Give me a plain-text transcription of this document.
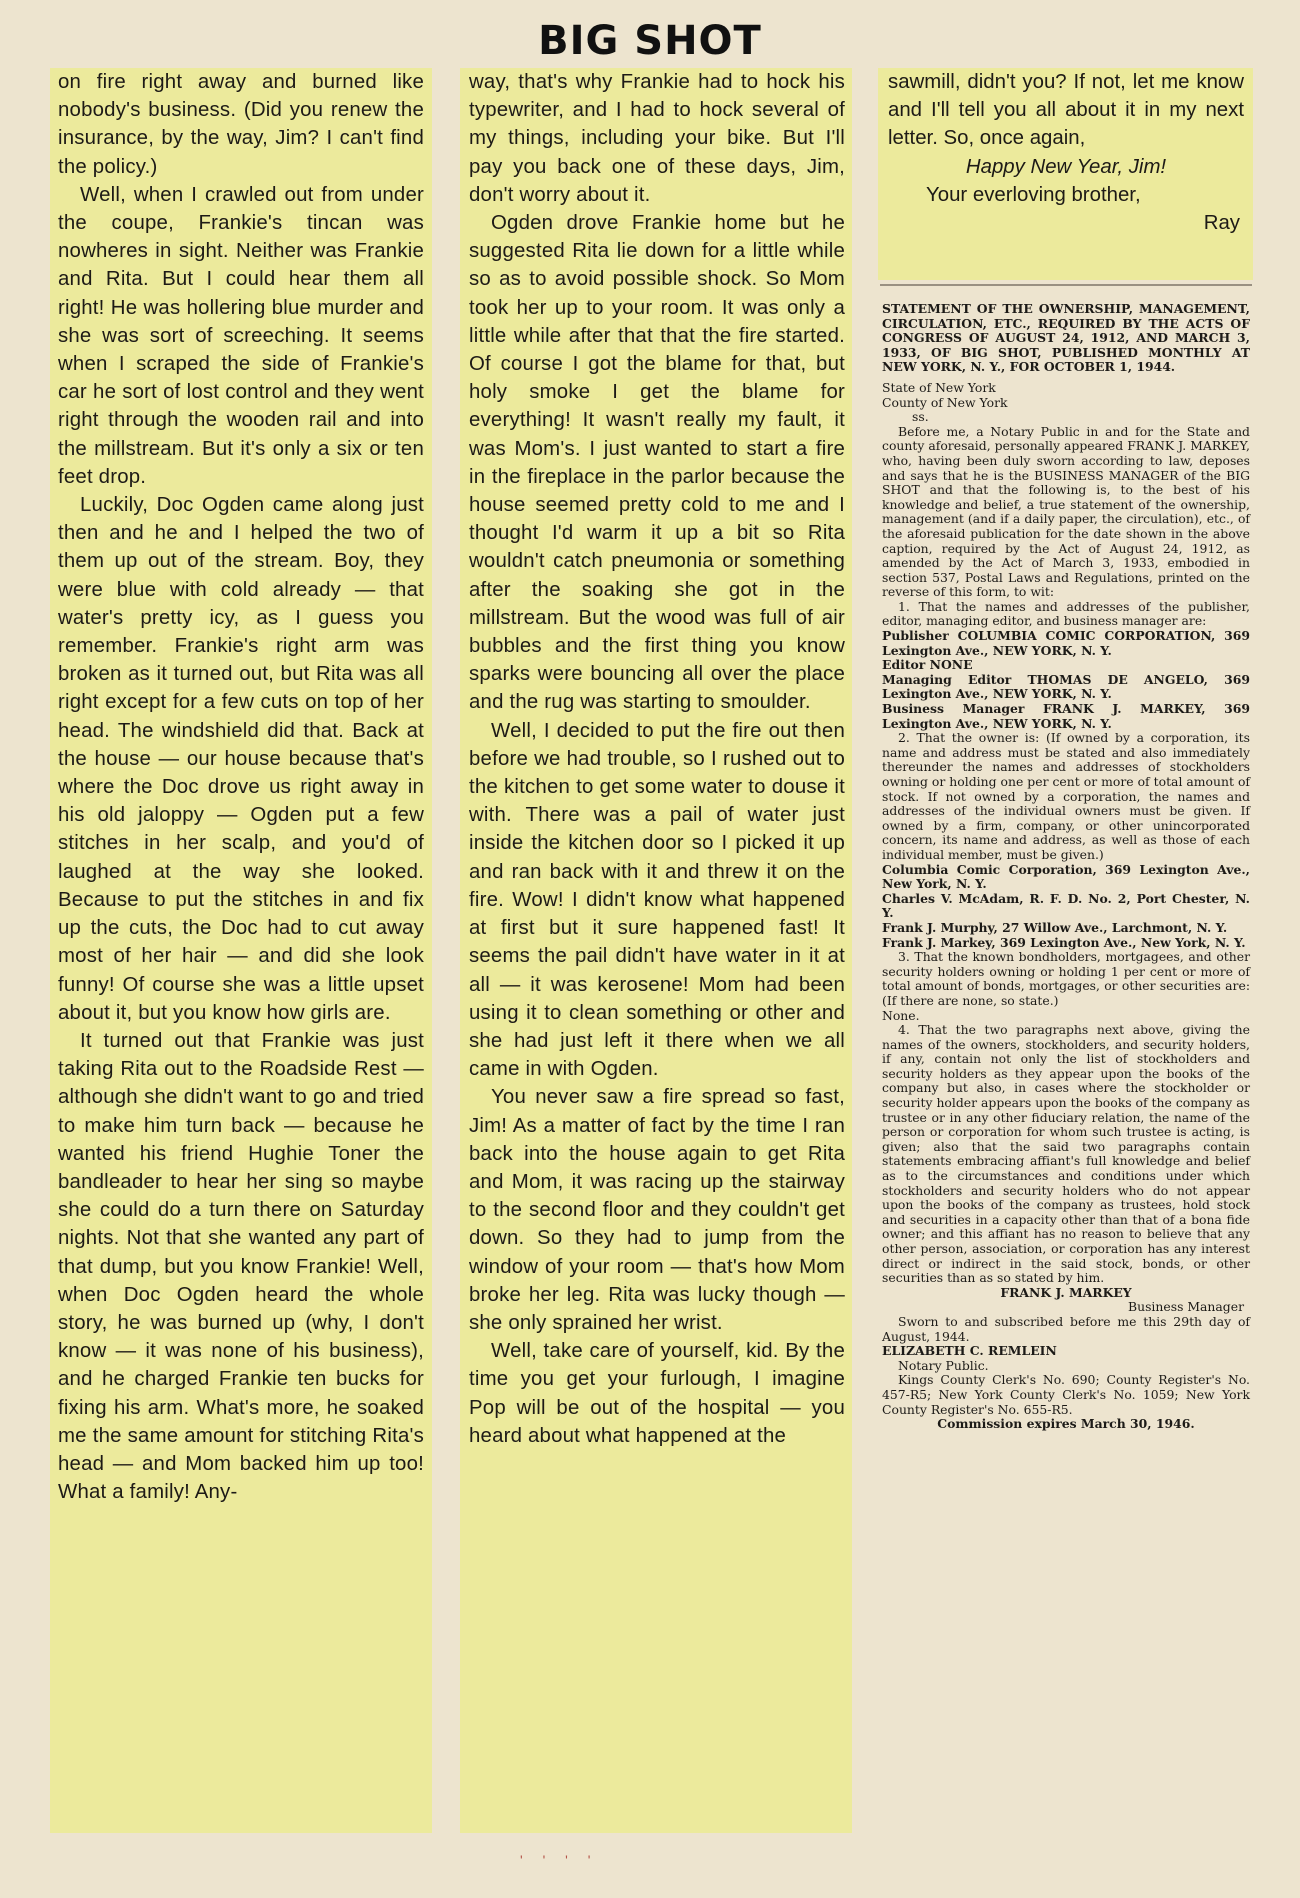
BIG SHOT

on fire right away and burned like nobody's business. (Did you renew the insurance, by the way, Jim? I can't find the policy.)

Well, when I crawled out from under the coupe, Frankie's tincan was nowheres in sight. Neither was Frankie and Rita. But I could hear them all right! He was hollering blue murder and she was sort of screeching. It seems when I scraped the side of Frankie's car he sort of lost control and they went right through the wooden rail and into the millstream. But it's only a six or ten feet drop.

Luckily, Doc Ogden came along just then and he and I helped the two of them up out of the stream. Boy, they were blue with cold already — that water's pretty icy, as I guess you remember. Frankie's right arm was broken as it turned out, but Rita was all right except for a few cuts on top of her head. The windshield did that. Back at the house — our house because that's where the Doc drove us right away in his old jaloppy — Ogden put a few stitches in her scalp, and you'd of laughed at the way she looked. Because to put the stitches in and fix up the cuts, the Doc had to cut away most of her hair — and did she look funny! Of course she was a little upset about it, but you know how girls are.

It turned out that Frankie was just taking Rita out to the Roadside Rest — although she didn't want to go and tried to make him turn back — because he wanted his friend Hughie Toner the bandleader to hear her sing so maybe she could do a turn there on Saturday nights. Not that she wanted any part of that dump, but you know Frankie! Well, when Doc Ogden heard the whole story, he was burned up (why, I don't know — it was none of his business), and he charged Frankie ten bucks for fixing his arm. What's more, he soaked me the same amount for stitching Rita's head — and Mom backed him up too! What a family! Any-

way, that's why Frankie had to hock his typewriter, and I had to hock several of my things, including your bike. But I'll pay you back one of these days, Jim, don't worry about it.

Ogden drove Frankie home but he suggested Rita lie down for a little while so as to avoid possible shock. So Mom took her up to your room. It was only a little while after that that the fire started. Of course I got the blame for that, but holy smoke I get the blame for everything! It wasn't really my fault, it was Mom's. I just wanted to start a fire in the fireplace in the parlor because the house seemed pretty cold to me and I thought I'd warm it up a bit so Rita wouldn't catch pneumonia or something after the soaking she got in the millstream. But the wood was full of air bubbles and the first thing you know sparks were bouncing all over the place and the rug was starting to smoulder.

Well, I decided to put the fire out then before we had trouble, so I rushed out to the kitchen to get some water to douse it with. There was a pail of water just inside the kitchen door so I picked it up and ran back with it and threw it on the fire. Wow! I didn't know what happened at first but it sure happened fast! It seems the pail didn't have water in it at all — it was kerosene! Mom had been using it to clean something or other and she had just left it there when we all came in with Ogden.

You never saw a fire spread so fast, Jim! As a matter of fact by the time I ran back into the house again to get Rita and Mom, it was racing up the stairway to the second floor and they couldn't get down. So they had to jump from the window of your room — that's how Mom broke her leg. Rita was lucky though — she only sprained her wrist.

Well, take care of yourself, kid. By the time you get your furlough, I imagine Pop will be out of the hospital — you heard about what happened at the

sawmill, didn't you? If not, let me know and I'll tell you all about it in my next letter. So, once again,

Happy New Year, Jim!

Your everloving brother,

Ray

STATEMENT OF THE OWNERSHIP, MANAGEMENT, CIRCULATION, ETC., REQUIRED BY THE ACTS OF CONGRESS OF AUGUST 24, 1912, AND MARCH 3, 1933, OF BIG SHOT, PUBLISHED MONTHLY AT NEW YORK, N. Y., FOR OCTOBER 1, 1944.

State of New York

County of New York

ss.

Before me, a Notary Public in and for the State and county aforesaid, personally appeared FRANK J. MARKEY, who, having been duly sworn according to law, deposes and says that he is the BUSINESS MANAGER of the BIG SHOT and that the following is, to the best of his knowledge and belief, a true statement of the ownership, management (and if a daily paper, the circulation), etc., of the aforesaid publication for the date shown in the above caption, required by the Act of August 24, 1912, as amended by the Act of March 3, 1933, embodied in section 537, Postal Laws and Regulations, printed on the reverse of this form, to wit:

1. That the names and addresses of the publisher, editor, managing editor, and business manager are:

Publisher COLUMBIA COMIC CORPORATION, 369 Lexington Ave., NEW YORK, N. Y.

Editor NONE

Managing Editor THOMAS DE ANGELO, 369 Lexington Ave., NEW YORK, N. Y.

Business Manager FRANK J. MARKEY, 369 Lexington Ave., NEW YORK, N. Y.

2. That the owner is: (If owned by a corporation, its name and address must be stated and also immediately thereunder the names and addresses of stockholders owning or holding one per cent or more of total amount of stock. If not owned by a corporation, the names and addresses of the individual owners must be given. If owned by a firm, company, or other unincorporated concern, its name and address, as well as those of each individual member, must be given.)

Columbia Comic Corporation, 369 Lexington Ave., New York, N. Y.

Charles V. McAdam, R. F. D. No. 2, Port Chester, N. Y.

Frank J. Murphy, 27 Willow Ave., Larchmont, N. Y.

Frank J. Markey, 369 Lexington Ave., New York, N. Y.

3. That the known bondholders, mortgagees, and other security holders owning or holding 1 per cent or more of total amount of bonds, mortgages, or other securities are: (If there are none, so state.)

None.

4. That the two paragraphs next above, giving the names of the owners, stockholders, and security holders, if any, contain not only the list of stockholders and security holders as they appear upon the books of the company but also, in cases where the stockholder or security holder appears upon the books of the company as trustee or in any other fiduciary relation, the name of the person or corporation for whom such trustee is acting, is given; also that the said two paragraphs contain statements embracing affiant's full knowledge and belief as to the circumstances and conditions under which stockholders and security holders who do not appear upon the books of the company as trustees, hold stock and securities in a capacity other than that of a bona fide owner; and this affiant has no reason to believe that any other person, association, or corporation has any interest direct or indirect in the said stock, bonds, or other securities than as so stated by him.

FRANK J. MARKEY

Business Manager

Sworn to and subscribed before me this 29th day of August, 1944.

ELIZABETH C. REMLEIN

Notary Public.

Kings County Clerk's No. 690; County Register's No. 457-R5; New York County Clerk's No. 1059; New York County Register's No. 655-R5.

Commission expires March 30, 1946.

' ' ' '
